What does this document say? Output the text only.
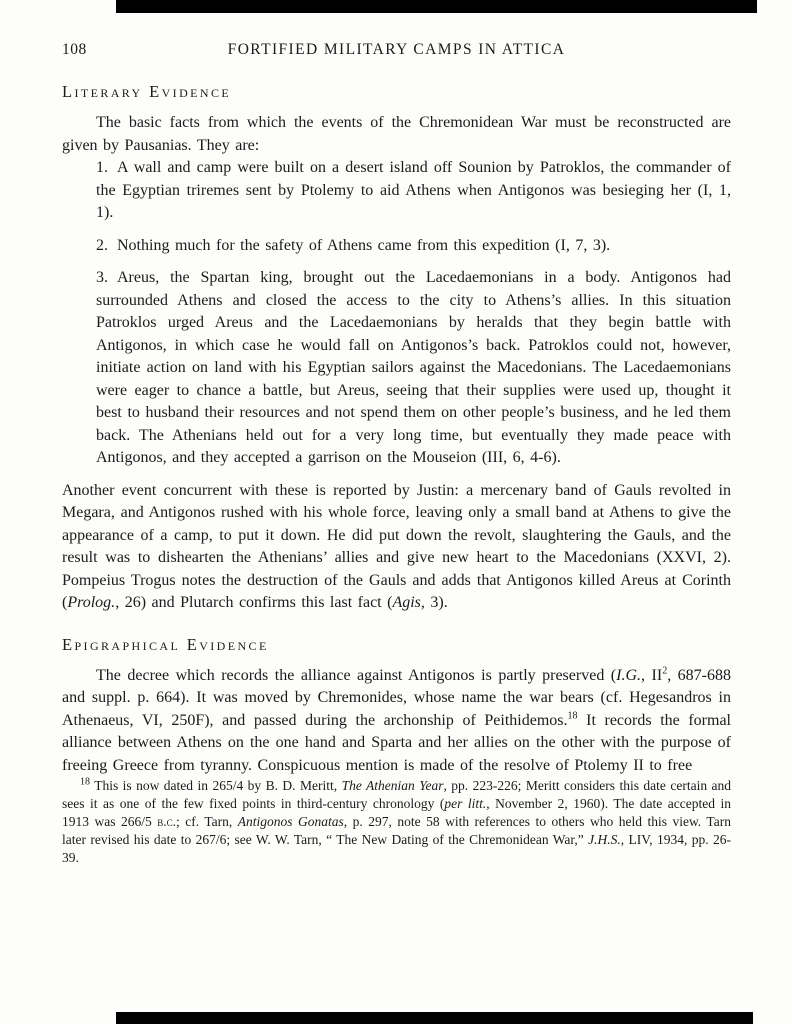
108	FORTIFIED MILITARY CAMPS IN ATTICA
Literary Evidence

The basic facts from which the events of the Chremonidean War must be reconstructed are given by Pausanias. They are:

1. A wall and camp were built on a desert island off Sounion by Patroklos, the commander of the Egyptian triremes sent by Ptolemy to aid Athens when Antigonos was besieging her (I, 1, 1).

2. Nothing much for the safety of Athens came from this expedition (I, 7, 3).

3. Areus, the Spartan king, brought out the Lacedaemonians in a body. Antigonos had surrounded Athens and closed the access to the city to Athens’s allies. In this situation Patroklos urged Areus and the Lacedaemonians by heralds that they begin battle with Antigonos, in which case he would fall on Antigonos’s back. Patroklos could not, however, initiate action on land with his Egyptian sailors against the Macedonians. The Lacedaemonians were eager to chance a battle, but Areus, seeing that their supplies were used up, thought it best to husband their resources and not spend them on other people’s business, and he led them back. The Athenians held out for a very long time, but eventually they made peace with Antigonos, and they accepted a garrison on the Mouseion (III, 6, 4-6).

Another event concurrent with these is reported by Justin: a mercenary band of Gauls revolted in Megara, and Antigonos rushed with his whole force, leaving only a small band at Athens to give the appearance of a camp, to put it down. He did put down the revolt, slaughtering the Gauls, and the result was to dishearten the Athenians’ allies and give new heart to the Macedonians (XXVI, 2). Pompeius Trogus notes the destruction of the Gauls and adds that Antigonos killed Areus at Corinth (Prolog., 26) and Plutarch confirms this last fact (Agis, 3).

Epigraphical Evidence

The decree which records the alliance against Antigonos is partly preserved (I.G., $II^2$, 687-688 and suppl. p. 664). It was moved by Chremonides, whose name the war bears (cf. Hegesandros in Athenaeus, VI, 250F), and passed during the archonship of Peithidemos.$^{18}$ It records the formal alliance between Athens on the one hand and Sparta and her allies on the other with the purpose of freeing Greece from tyranny. Conspicuous mention is made of the resolve of Ptolemy II to free

$^{18}$ This is now dated in 265/4 by B. D. Meritt, The Athenian Year, pp. 223-226; Meritt considers this date certain and sees it as one of the few fixed points in third-century chronology (per litt., November 2, 1960). The date accepted in 1913 was 266/5 b.c.; cf. Tarn, Antigonos Gonatas, p. 297, note 58 with references to others who held this view. Tarn later revised his date to 267/6; see W. W. Tarn, “ The New Dating of the Chremonidean War,” J.H.S., LIV, 1934, pp. 26-39.
